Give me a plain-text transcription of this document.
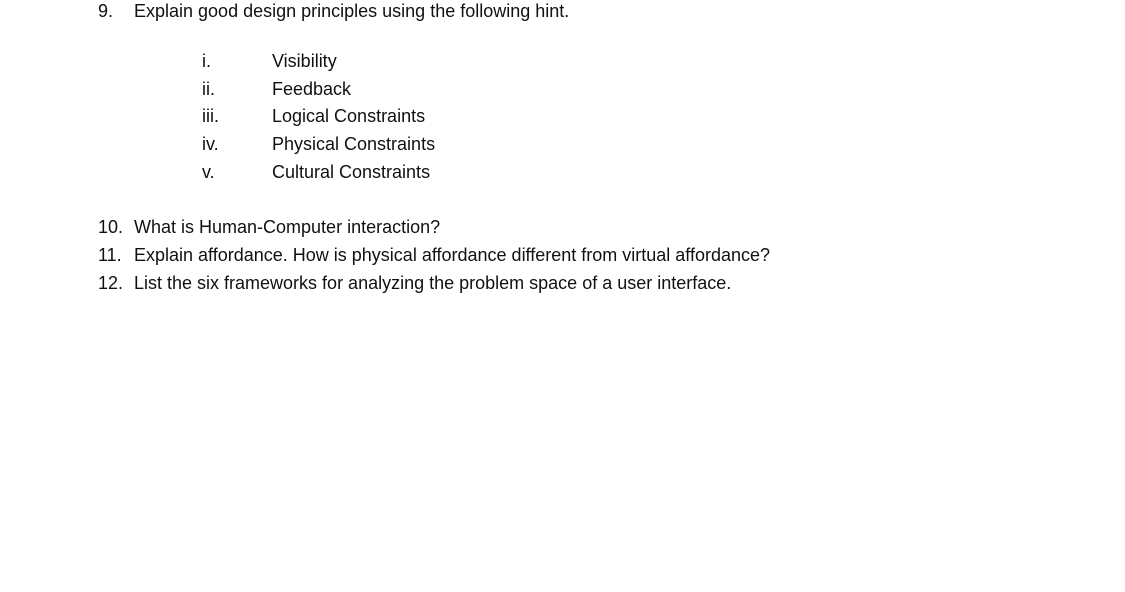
9. Explain good design principles using the following hint.
i.	Visibility
ii.	Feedback
iii.	Logical Constraints
iv.	Physical Constraints
v.	Cultural Constraints
10. What is Human-Computer interaction?
11. Explain affordance. How is physical affordance different from virtual affordance?
12. List the six frameworks for analyzing the problem space of a user interface.
